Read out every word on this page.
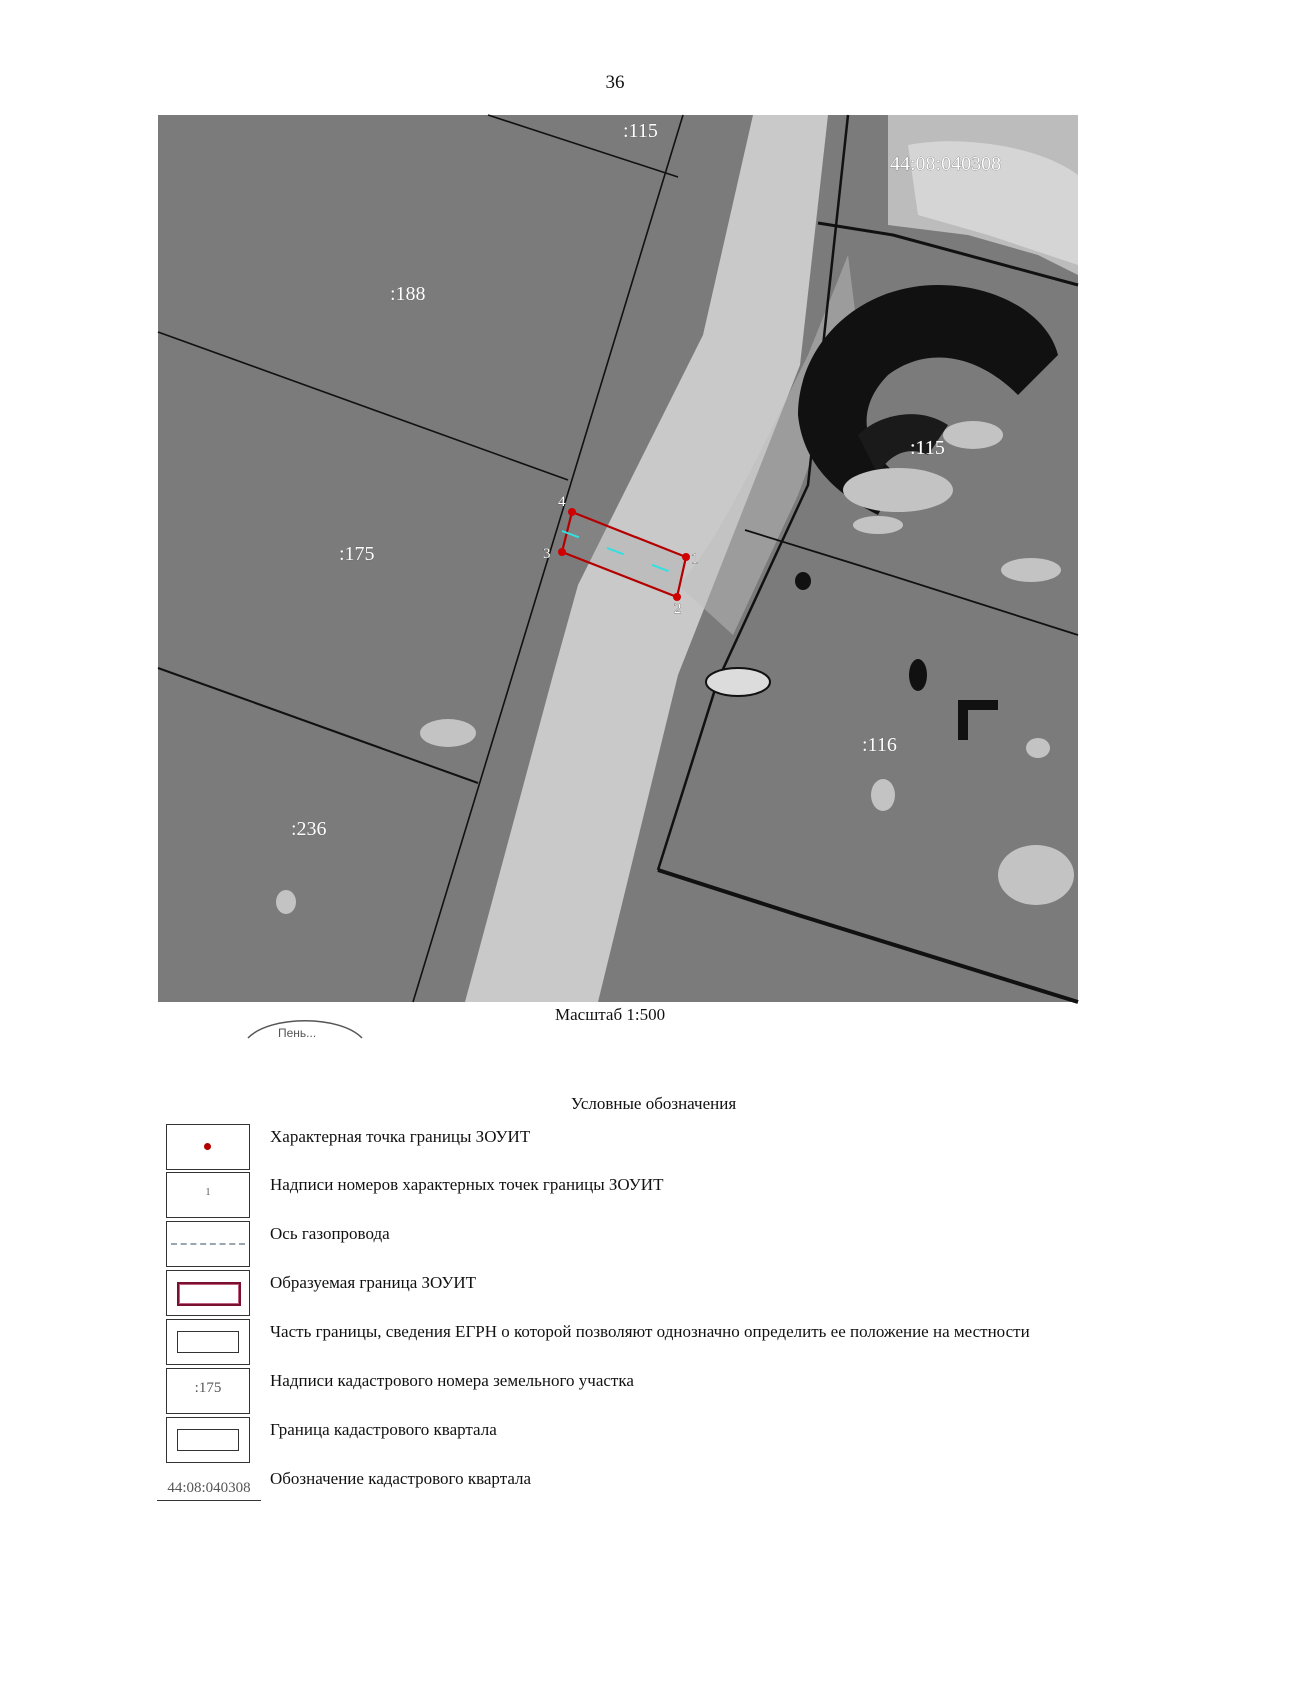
36
:115
:188
:175
:236
:115
:116
44:08:040308
1
2
3
4
Пень...
Масштаб 1:500
Условные обозначения
Характерная точка границы ЗОУИТ
1	Надписи номеров характерных точек границы ЗОУИТ
Ось газопровода
Образуемая граница ЗОУИТ
Часть границы, сведения ЕГРН о которой позволяют однозначно определить ее положение на местности
:175	Надписи кадастрового номера земельного участка
Граница кадастрового квартала
44:08:040308	Обозначение кадастрового квартала
